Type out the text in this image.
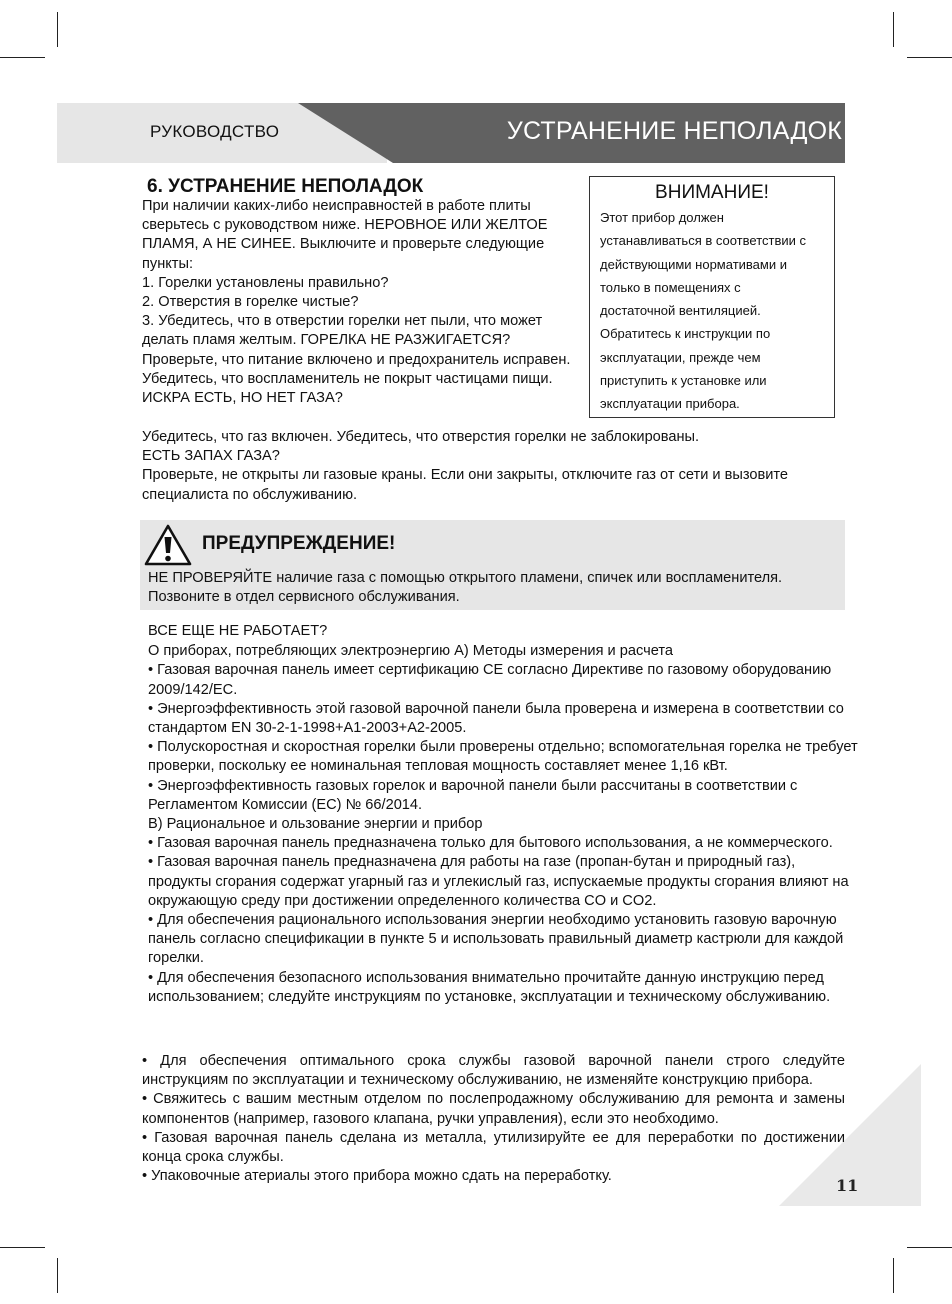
РУКОВОДСТВО	УСТРАНЕНИЕ НЕПОЛАДОК
6. УСТРАНЕНИЕ НЕПОЛАДОК

При наличии каких-либо неисправностей в работе плиты сверьтесь с руководством ниже. НЕРОВНОЕ ИЛИ ЖЕЛТОЕ ПЛАМЯ, А НЕ СИНЕЕ. Выключите и проверьте следующие пункты:

1. Горелки установлены правильно?

2. Отверстия в горелке чистые?

3. Убедитесь, что в отверстии горелки нет пыли, что может делать пламя желтым. ГОРЕЛКА НЕ РАЗЖИГАЕТСЯ?Проверьте, что питание включено и предохранитель исправен.

Убедитесь, что воспламенитель не покрыт частицами пищи. ИСКРА ЕСТЬ, НО НЕТ ГАЗА?

ВНИМАНИЕ!
Этот прибор должен
устанавливаться в соответствии с
действующими нормативами и
только в помещениях с
достаточной вентиляцией.
Обратитесь к инструкции по
эксплуатации, прежде чем
приступить к установке или
эксплуатации прибора.

Убедитесь, что газ включен. Убедитесь, что отверстия горелки не заблокированы.

ЕСТЬ ЗАПАХ ГАЗА?

Проверьте, не открыты ли газовые краны. Если они закрыты, отключите газ от сети и вызовите специалиста по обслуживанию.

ПРЕДУПРЕЖДЕНИЕ!

НЕ ПРОВЕРЯЙТЕ наличие газа с помощью открытого пламени, спичек или воспламенителя.

Позвоните в отдел сервисного обслуживания.

ВСЕ ЕЩЕ НЕ РАБОТАЕТ?

О приборах, потребляющих электроэнергию А) Методы измерения и расчета

• Газовая варочная панель имеет сертификацию CE согласно Директиве по газовому оборудованию 2009/142/EC.

• Энергоэффективность этой газовой варочной панели была проверена и измерена в соответствии со стандартом EN 30-2-1-1998+A1-2003+A2-2005.

• Полускоростная и скоростная горелки были проверены отдельно; вспомогательная горелка не требует проверки, поскольку ее номинальная тепловая мощность составляет менее 1,16 кВт.

• Энергоэффективность газовых горелок и варочной панели были рассчитаны в соответствии с Регламентом Комиссии (ЕС) № 66/2014.

В) Рациональное и ользование энергии и прибор

• Газовая варочная панель предназначена только для бытового использования, а не коммерческого.

• Газовая варочная панель предназначена для работы на газе (пропан-бутан и природный газ), продукты сгорания содержат угарный газ и углекислый газ, испускаемые продукты сгорания влияют на окружающую среду при достижении определенного количества CO и CO2.

• Для обеспечения рационального использования энергии необходимо установить газовую варочную панель согласно спецификации в пункте 5 и использовать правильный диаметр кастрюли для каждой горелки.

• Для обеспечения безопасного использования внимательно прочитайте данную инструкцию перед использованием; следуйте инструкциям по установке, эксплуатации и техническому обслуживанию.

• Для обеспечения оптимального срока службы газовой варочной панели строго следуйте инструкциям по эксплуатации и техническому обслуживанию, не изменяйте конструкцию прибора.

• Свяжитесь с вашим местным отделом по послепродажному обслуживанию для ремонта и замены компонентов (например, газового клапана, ручки управления), если это необходимо.

• Газовая варочная панель сделана из металла, утилизируйте ее для переработки по достижении конца срока службы.

• Упаковочные атериалы этого прибора можно сдать на переработку.	11
